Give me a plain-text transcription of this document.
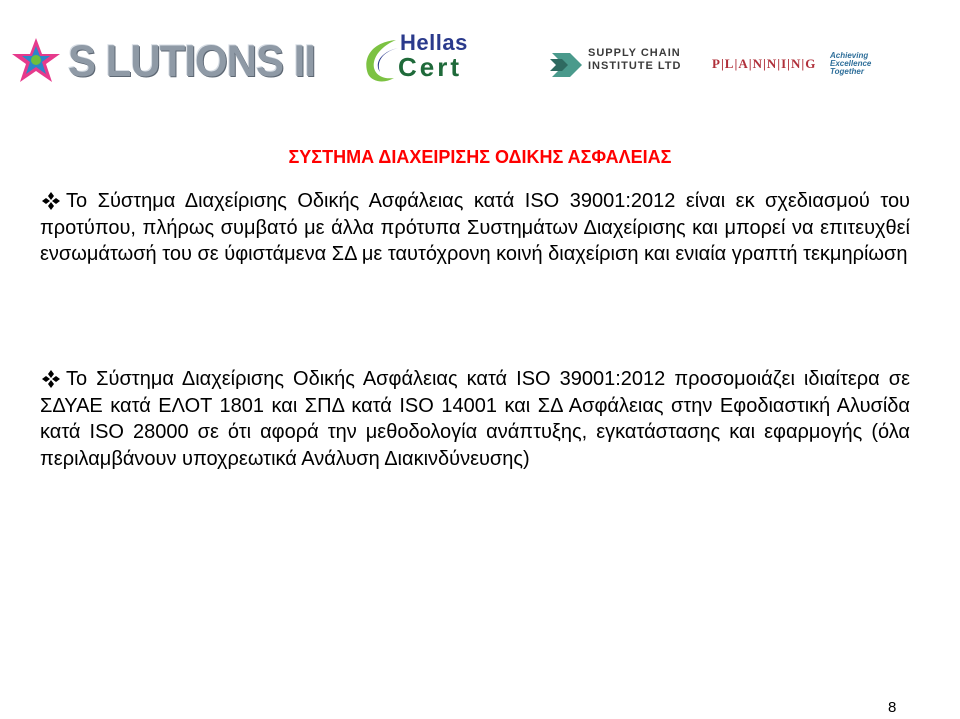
S LUTIONS II	Hellas
Cert	SUPPLY CHAIN
INSTITUTE LTD P|L|A|N|N|I|N|G
Achieving Excellence Together
ΣΥΣΤΗΜΑ ΔΙΑΧΕΙΡΙΣΗΣ ΟΔΙΚΗΣ ΑΣΦΑΛΕΙΑΣ
Το Σύστημα Διαχείρισης Οδικής Ασφάλειας κατά ISO 39001:2012 είναι εκ σχεδιασμού του προτύπου, πλήρως συμβατό με άλλα πρότυπα Συστημάτων Διαχείρισης και μπορεί να επιτευχθεί ενσωμάτωσή του σε ύφιστάμενα ΣΔ με ταυτόχρονη κοινή διαχείριση και ενιαία γραπτή τεκμηρίωση
Το Σύστημα Διαχείρισης Οδικής Ασφάλειας κατά ISO 39001:2012 προσομοιάζει ιδιαίτερα σε ΣΔΥΑΕ κατά ΕΛΟΤ 1801 και ΣΠΔ κατά ISO 14001 και ΣΔ Ασφάλειας στην Εφοδιαστική Αλυσίδα κατά ISO 28000 σε ότι αφορά την μεθοδολογία ανάπτυξης, εγκατάστασης και εφαρμογής (όλα περιλαμβάνουν υποχρεωτικά Ανάλυση Διακινδύνευσης)
8
